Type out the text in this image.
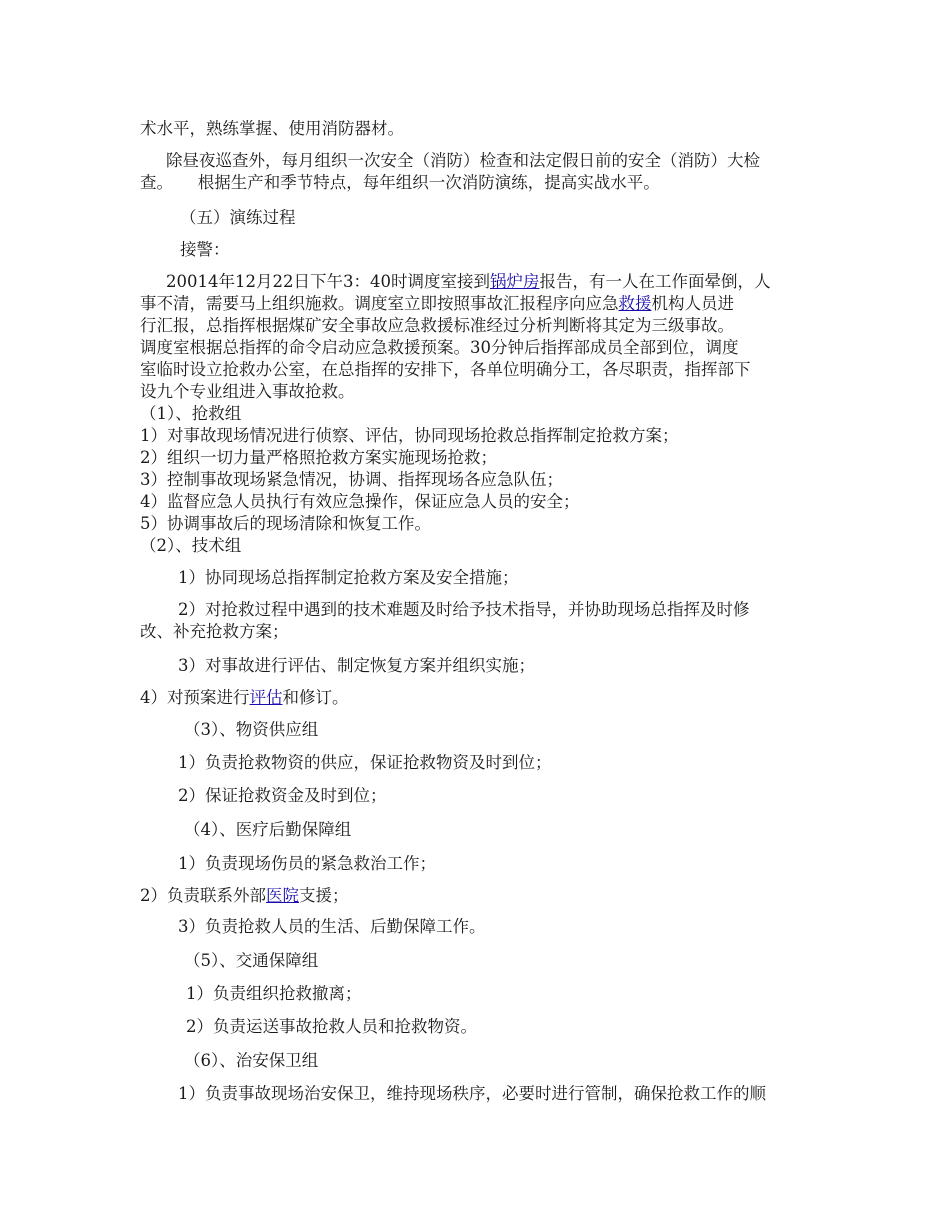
术水平，熟练掌握、使用消防器材。
除昼夜巡查外，每月组织一次安全（消防）检查和法定假日前的安全（消防）大检
查。　　根据生产和季节特点，每年组织一次消防演练，提高实战水平。
（五）演练过程
接警：
20014年12月22日下午3：40时调度室接到锅炉房报告，有一人在工作面晕倒，人
事不清，需要马上组织施救。调度室立即按照事故汇报程序向应急救援机构人员进
行汇报，总指挥根据煤矿安全事故应急救援标准经过分析判断将其定为三级事故。
调度室根据总指挥的命令启动应急救援预案。30分钟后指挥部成员全部到位，调度
室临时设立抢救办公室，在总指挥的安排下，各单位明确分工，各尽职责，指挥部下
设九个专业组进入事故抢救。
（1）、抢救组
1）对事故现场情况进行侦察、评估，协同现场抢救总指挥制定抢救方案；
2）组织一切力量严格照抢救方案实施现场抢救；
3）控制事故现场紧急情况，协调、指挥现场各应急队伍；
4）监督应急人员执行有效应急操作，保证应急人员的安全；
5）协调事故后的现场清除和恢复工作。
（2）、技术组
1）协同现场总指挥制定抢救方案及安全措施；
2）对抢救过程中遇到的技术难题及时给予技术指导，并协助现场总指挥及时修
改、补充抢救方案；
3）对事故进行评估、制定恢复方案并组织实施；
4）对预案进行评估和修订。
（3）、物资供应组
1）负责抢救物资的供应，保证抢救物资及时到位；
2）保证抢救资金及时到位；
（4）、医疗后勤保障组
1）负责现场伤员的紧急救治工作；
2）负责联系外部医院支援；
3）负责抢救人员的生活、后勤保障工作。
（5）、交通保障组
1）负责组织抢救撤离；
2）负责运送事故抢救人员和抢救物资。
（6）、治安保卫组
1）负责事故现场治安保卫，维持现场秩序，必要时进行管制，确保抢救工作的顺
